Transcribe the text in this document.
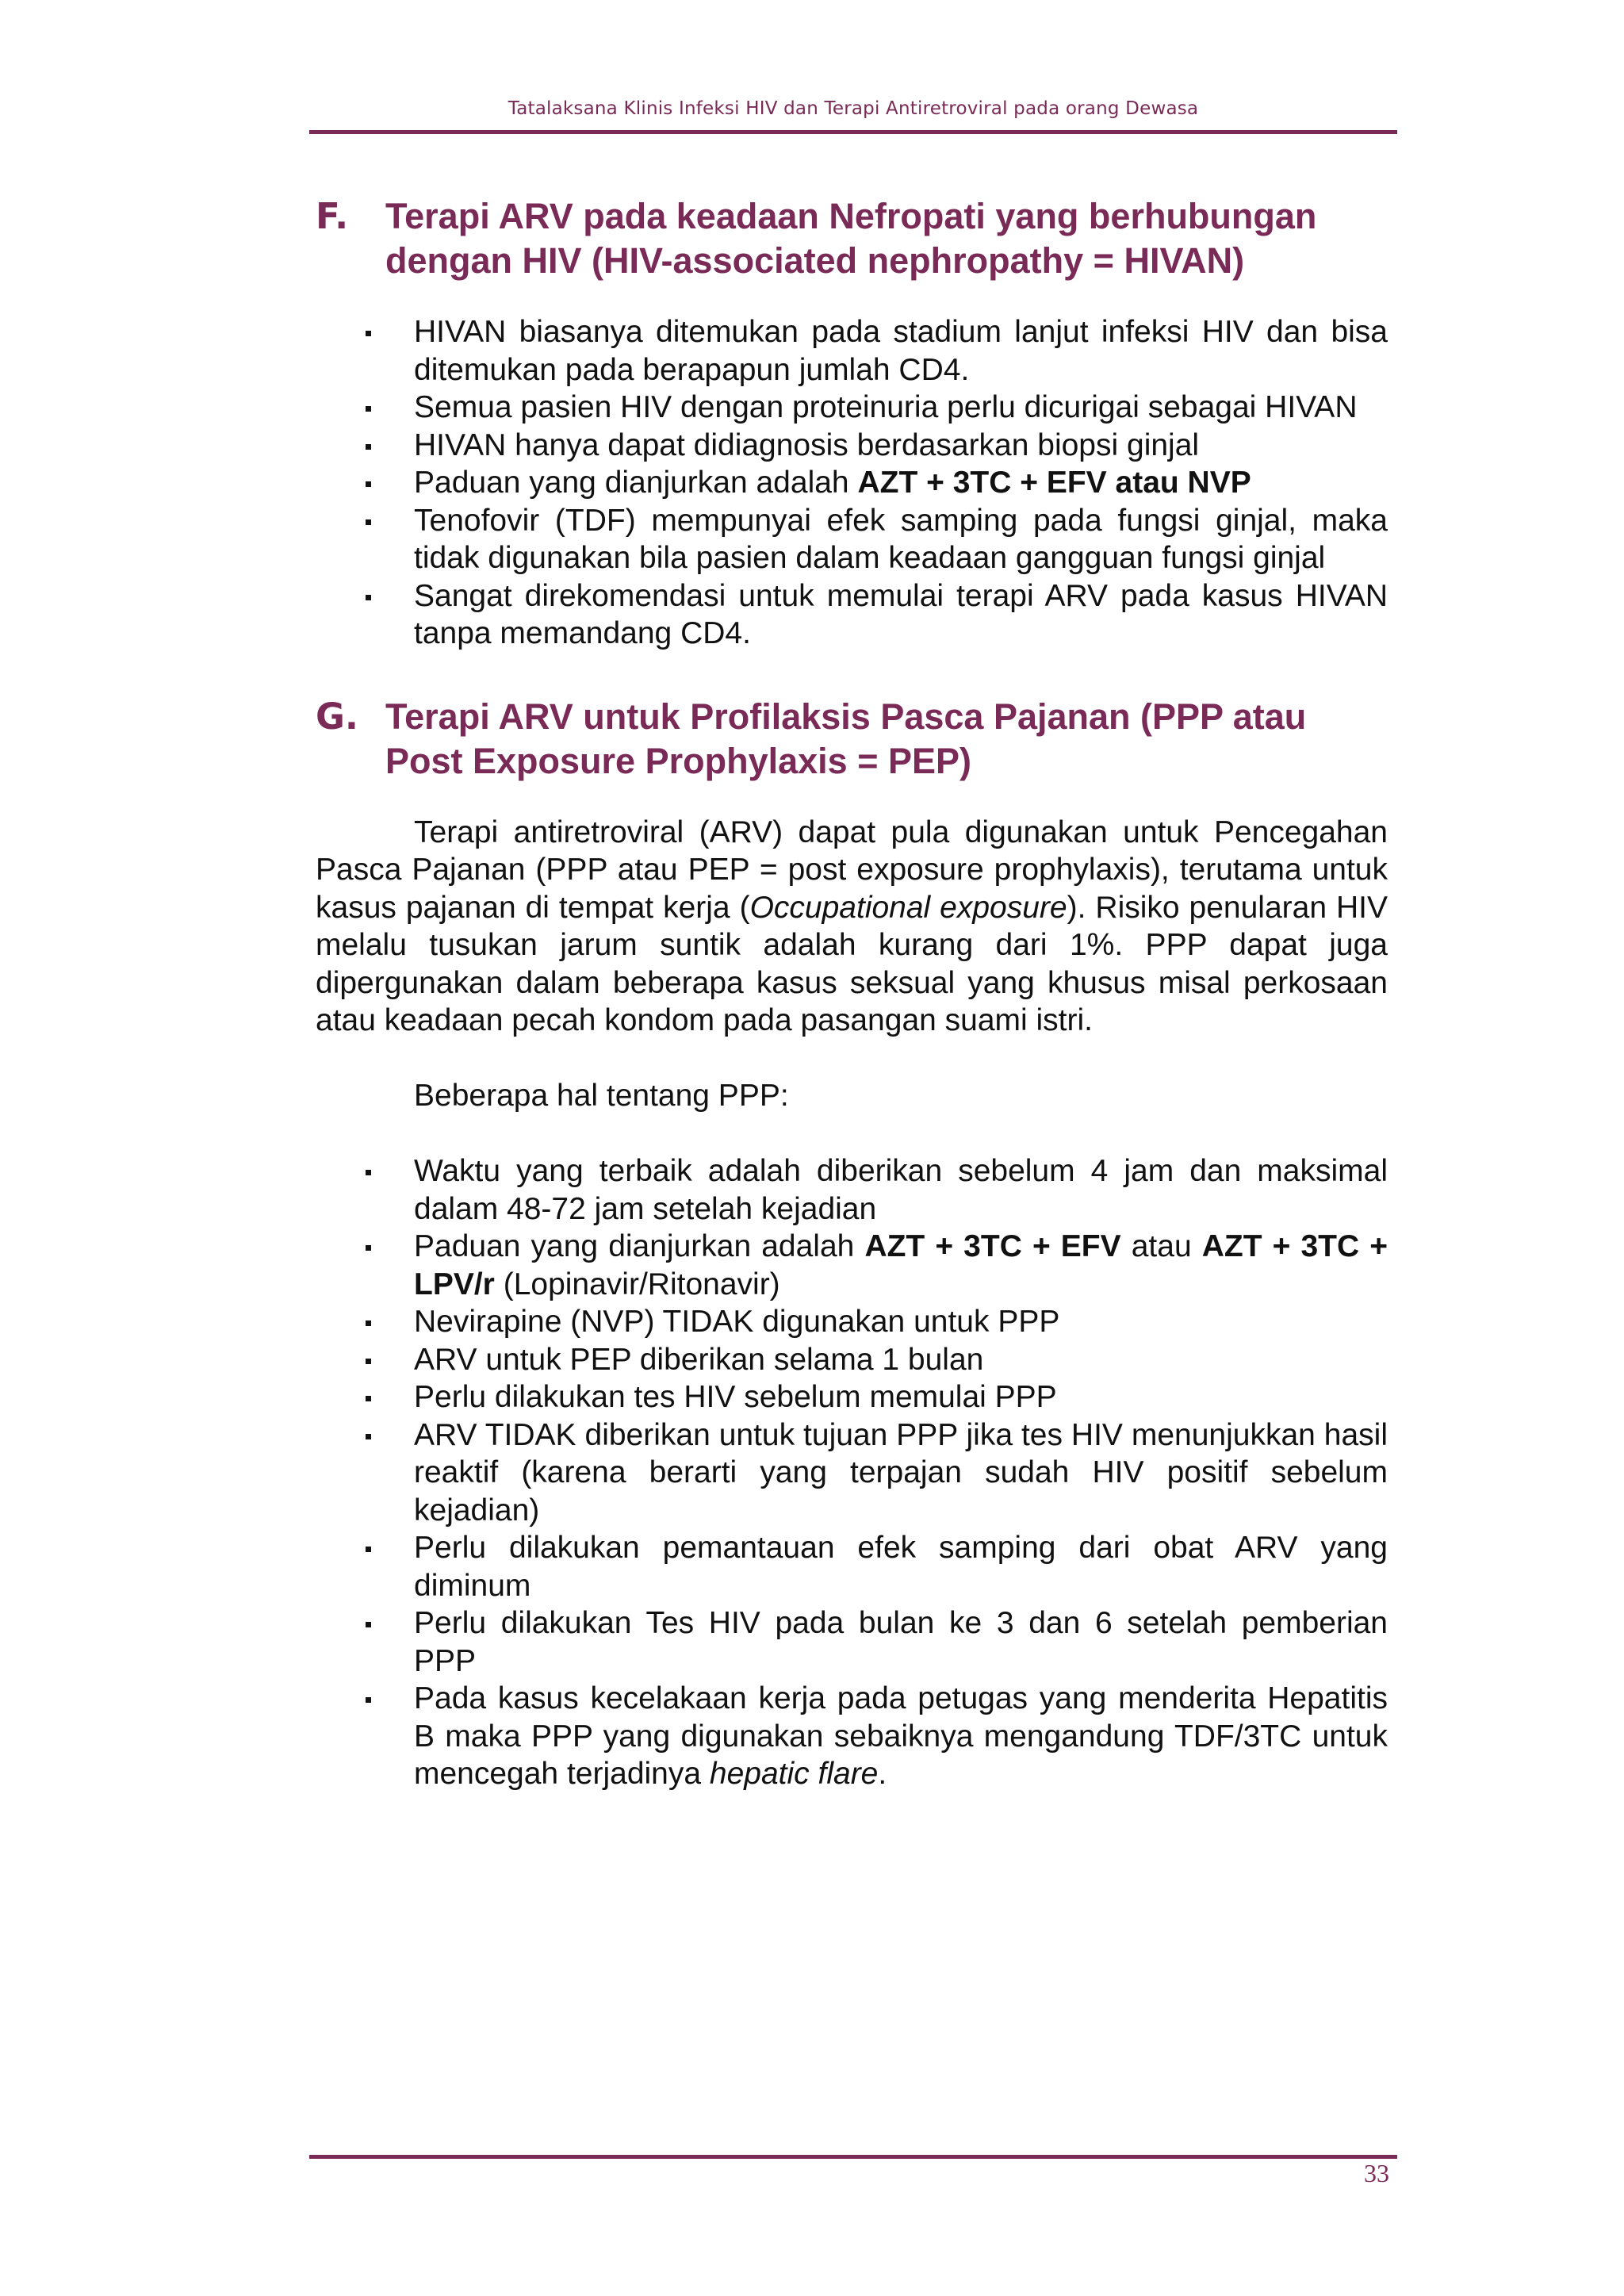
Tatalaksana Klinis Infeksi HIV dan Terapi Antiretroviral pada orang Dewasa
F.	Terapi ARV pada keadaan Nefropati yang berhubungan dengan HIV (HIV-associated nephropathy = HIVAN)
HIVAN biasanya ditemukan pada stadium lanjut infeksi HIV dan bisa ditemukan pada berapapun jumlah CD4.
Semua pasien HIV dengan proteinuria perlu dicurigai sebagai HIVAN
HIVAN hanya dapat didiagnosis berdasarkan biopsi ginjal
Paduan yang dianjurkan adalah AZT + 3TC + EFV atau NVP
Tenofovir (TDF) mempunyai efek samping pada fungsi ginjal, maka tidak digunakan bila pasien dalam keadaan gangguan fungsi ginjal
Sangat direkomendasi untuk memulai terapi ARV pada kasus HIVAN tanpa memandang CD4.
G. Terapi ARV untuk Profilaksis Pasca Pajanan (PPP atau Post Exposure Prophylaxis = PEP)

Terapi antiretroviral (ARV) dapat pula digunakan untuk Pencegahan Pasca Pajanan (PPP atau PEP = post exposure prophylaxis), terutama untuk kasus pajanan di tempat kerja (Occupational exposure). Risiko penularan HIV melalu tusukan jarum suntik adalah kurang dari 1%. PPP dapat juga dipergunakan dalam beberapa kasus seksual yang khusus misal perkosaan atau keadaan pecah kondom pada pasangan suami istri.

Beberapa hal tentang PPP:

Waktu yang terbaik adalah diberikan sebelum 4 jam dan maksimal dalam 48-72 jam setelah kejadian
Paduan yang dianjurkan adalah AZT + 3TC + EFV atau AZT + 3TC + LPV/r (Lopinavir/Ritonavir)
Nevirapine (NVP) TIDAK digunakan untuk PPP
ARV untuk PEP diberikan selama 1 bulan
Perlu dilakukan tes HIV sebelum memulai PPP
ARV TIDAK diberikan untuk tujuan PPP jika tes HIV menunjukkan hasil reaktif (karena berarti yang terpajan sudah HIV positif sebelum kejadian)
Perlu dilakukan pemantauan efek samping dari obat ARV yang diminum
Perlu dilakukan Tes HIV pada bulan ke 3 dan 6 setelah pemberian PPP
Pada kasus kecelakaan kerja pada petugas yang menderita Hepatitis B maka PPP yang digunakan sebaiknya mengandung TDF/3TC untuk mencegah terjadinya hepatic flare.
33
